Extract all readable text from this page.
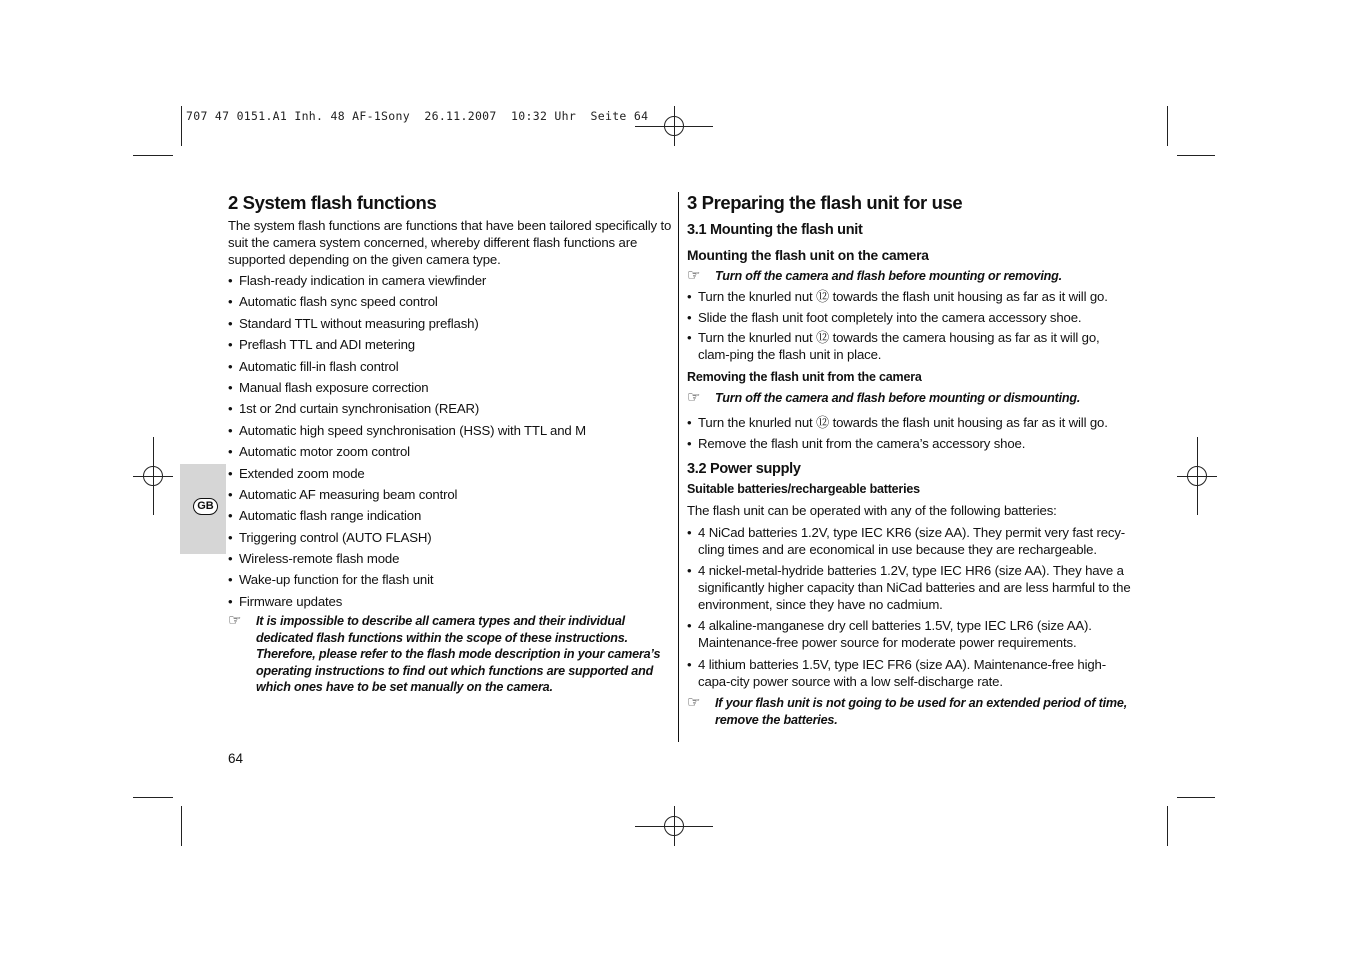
707 47 0151.A1 Inh. 48 AF-1Sony  26.11.2007  10:32 Uhr  Seite 64
GB
2 System flash functions

The system flash functions are functions that have been tailored specifically to suit the camera system concerned, whereby different flash functions are supported depending on the given camera type.

• Flash-ready indication in camera viewfinder
• Automatic flash sync speed control
• Standard TTL without measuring preflash)
• Preflash TTL and ADI metering
• Automatic fill-in flash control
• Manual flash exposure correction
• 1st or 2nd curtain synchronisation (REAR)
• Automatic high speed synchronisation (HSS) with TTL and M
• Automatic motor zoom control
• Extended zoom mode
• Automatic AF measuring beam control
• Automatic flash range indication
• Triggering control (AUTO FLASH)
• Wireless-remote flash mode
• Wake-up function for the flash unit
• Firmware updates
☞	It is impossible to describe all camera types and their individual dedicated flash functions within the scope of these instructions. Therefore, please refer to the flash mode description in your camera’s operating instructions to find out which functions are supported and which ones have to be set manually on the camera.
3 Preparing the flash unit for use
3.1 Mounting the flash unit
Mounting the flash unit on the camera
☞	Turn off the camera and flash before mounting or removing.
• Turn the knurled nut ⑫ towards the flash unit housing as far as it will go.
• Slide the flash unit foot completely into the camera accessory shoe.
• Turn the knurled nut ⑫ towards the camera housing as far as it will go, clam-ping the flash unit in place.
Removing the flash unit from the camera
☞	Turn off the camera and flash before mounting or dismounting.
• Turn the knurled nut ⑫ towards the flash unit housing as far as it will go.
• Remove the flash unit from the camera’s accessory shoe.
3.2 Power supply
Suitable batteries/rechargeable batteries

The flash unit can be operated with any of the following batteries:

• 4 NiCad batteries 1.2V, type IEC KR6 (size AA). They permit very fast recy-cling times and are economical in use because they are rechargeable.
• 4 nickel-metal-hydride batteries 1.2V, type IEC HR6 (size AA). They have a significantly higher capacity than NiCad batteries and are less harmful to the environment, since they have no cadmium.
• 4 alkaline-manganese dry cell batteries 1.5V, type IEC LR6 (size AA). Maintenance-free power source for moderate power requirements.
• 4 lithium batteries 1.5V, type IEC FR6 (size AA). Maintenance-free high-capa-city power source with a low self-discharge rate.
☞	If your flash unit is not going to be used for an extended period of time, remove the batteries.
64
